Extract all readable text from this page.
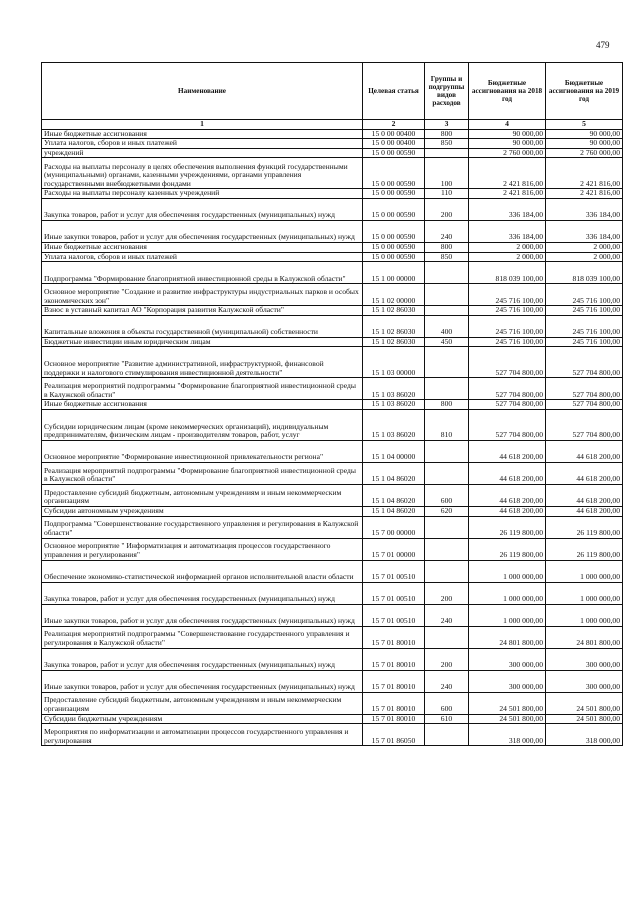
479
Наименование	Целевая статья	Группы и подгруппы видов расходов	Бюджетные ассигнования на 2018 год	Бюджетные ассигнования на 2019 год
1	2	3	4	5
Иные бюджетные ассигнования	15 0 00 00400	800	90 000,00	90 000,00
Уплата налогов, сборов и иных платежей	15 0 00 00400	850	90 000,00	90 000,00
учреждений	15 0 00 00590		2 760 000,00	2 760 000,00
Расходы на выплаты персоналу в целях обеспечения выполнения функций государственными (муниципальными) органами, казенными учреждениями, органами управления государственными внебюджетными фондами	15 0 00 00590	100	2 421 816,00	2 421 816,00
Расходы на выплаты персоналу казенных учреждений	15 0 00 00590	110	2 421 816,00	2 421 816,00
Закупка товаров, работ и услуг для обеспечения государственных (муниципальных) нужд	15 0 00 00590	200	336 184,00	336 184,00
Иные закупки товаров, работ и услуг для обеспечения государственных (муниципальных) нужд	15 0 00 00590	240	336 184,00	336 184,00
Иные бюджетные ассигнования	15 0 00 00590	800	2 000,00	2 000,00
Уплата налогов, сборов и иных платежей	15 0 00 00590	850	2 000,00	2 000,00
Подпрограмма "Формирование благоприятной инвестиционной среды в Калужской области"	15 1 00 00000		818 039 100,00	818 039 100,00
Основное мероприятие "Создание и развитие инфраструктуры индустриальных парков и особых экономических зон"	15 1 02 00000		245 716 100,00	245 716 100,00
Взнос в уставный капитал АО "Корпорация развития Калужской области"	15 1 02 86030		245 716 100,00	245 716 100,00
Капитальные вложения в объекты государственной (муниципальной) собственности	15 1 02 86030	400	245 716 100,00	245 716 100,00
Бюджетные инвестиции иным юридическим лицам	15 1 02 86030	450	245 716 100,00	245 716 100,00
Основное мероприятие "Развитие административной, инфраструктурной, финансовой поддержки и налогового стимулирования инвестиционной деятельности"	15 1 03 00000		527 704 800,00	527 704 800,00
Реализация мероприятий подпрограммы "Формирование благоприятной инвестиционной среды в Калужской области"	15 1 03 86020		527 704 800,00	527 704 800,00
Иные бюджетные ассигнования	15 1 03 86020	800	527 704 800,00	527 704 800,00
Субсидии юридическим лицам (кроме некоммерческих организаций), индивидуальным предпринимателям, физическим лицам - производителям товаров, работ, услуг	15 1 03 86020	810	527 704 800,00	527 704 800,00
Основное мероприятие "Формирование инвестиционной привлекательности региона"	15 1 04 00000		44 618 200,00	44 618 200,00
Реализация мероприятий подпрограммы "Формирование благоприятной инвестиционной среды в Калужской области"	15 1 04 86020		44 618 200,00	44 618 200,00
Предоставление субсидий бюджетным, автономным учреждениям и иным некоммерческим организациям	15 1 04 86020	600	44 618 200,00	44 618 200,00
Субсидии автономным учреждениям	15 1 04 86020	620	44 618 200,00	44 618 200,00
Подпрограмма "Совершенствование государственного управления и регулирования в Калужской области"	15 7 00 00000		26 119 800,00	26 119 800,00
Основное мероприятие " Информатизация и автоматизация процессов государственного управления и регулирования"	15 7 01 00000		26 119 800,00	26 119 800,00
Обеспечение экономико-статистической информацией органов исполнительной власти области	15 7 01 00510		1 000 000,00	1 000 000,00
Закупка товаров, работ и услуг для обеспечения государственных (муниципальных) нужд	15 7 01 00510	200	1 000 000,00	1 000 000,00
Иные закупки товаров, работ и услуг для обеспечения государственных (муниципальных) нужд	15 7 01 00510	240	1 000 000,00	1 000 000,00
Реализация мероприятий подпрограммы "Совершенствование государственного управления и регулирования в Калужской области"	15 7 01 80010		24 801 800,00	24 801 800,00
Закупка товаров, работ и услуг для обеспечения государственных (муниципальных) нужд	15 7 01 80010	200	300 000,00	300 000,00
Иные закупки товаров, работ и услуг для обеспечения государственных (муниципальных) нужд	15 7 01 80010	240	300 000,00	300 000,00
Предоставление субсидий бюджетным, автономным учреждениям и иным некоммерческим организациям	15 7 01 80010	600	24 501 800,00	24 501 800,00
Субсидии бюджетным учреждениям	15 7 01 80010	610	24 501 800,00	24 501 800,00
Мероприятия по информатизации и автоматизации процессов государственного управления и регулирования	15 7 01 86050		318 000,00	318 000,00
